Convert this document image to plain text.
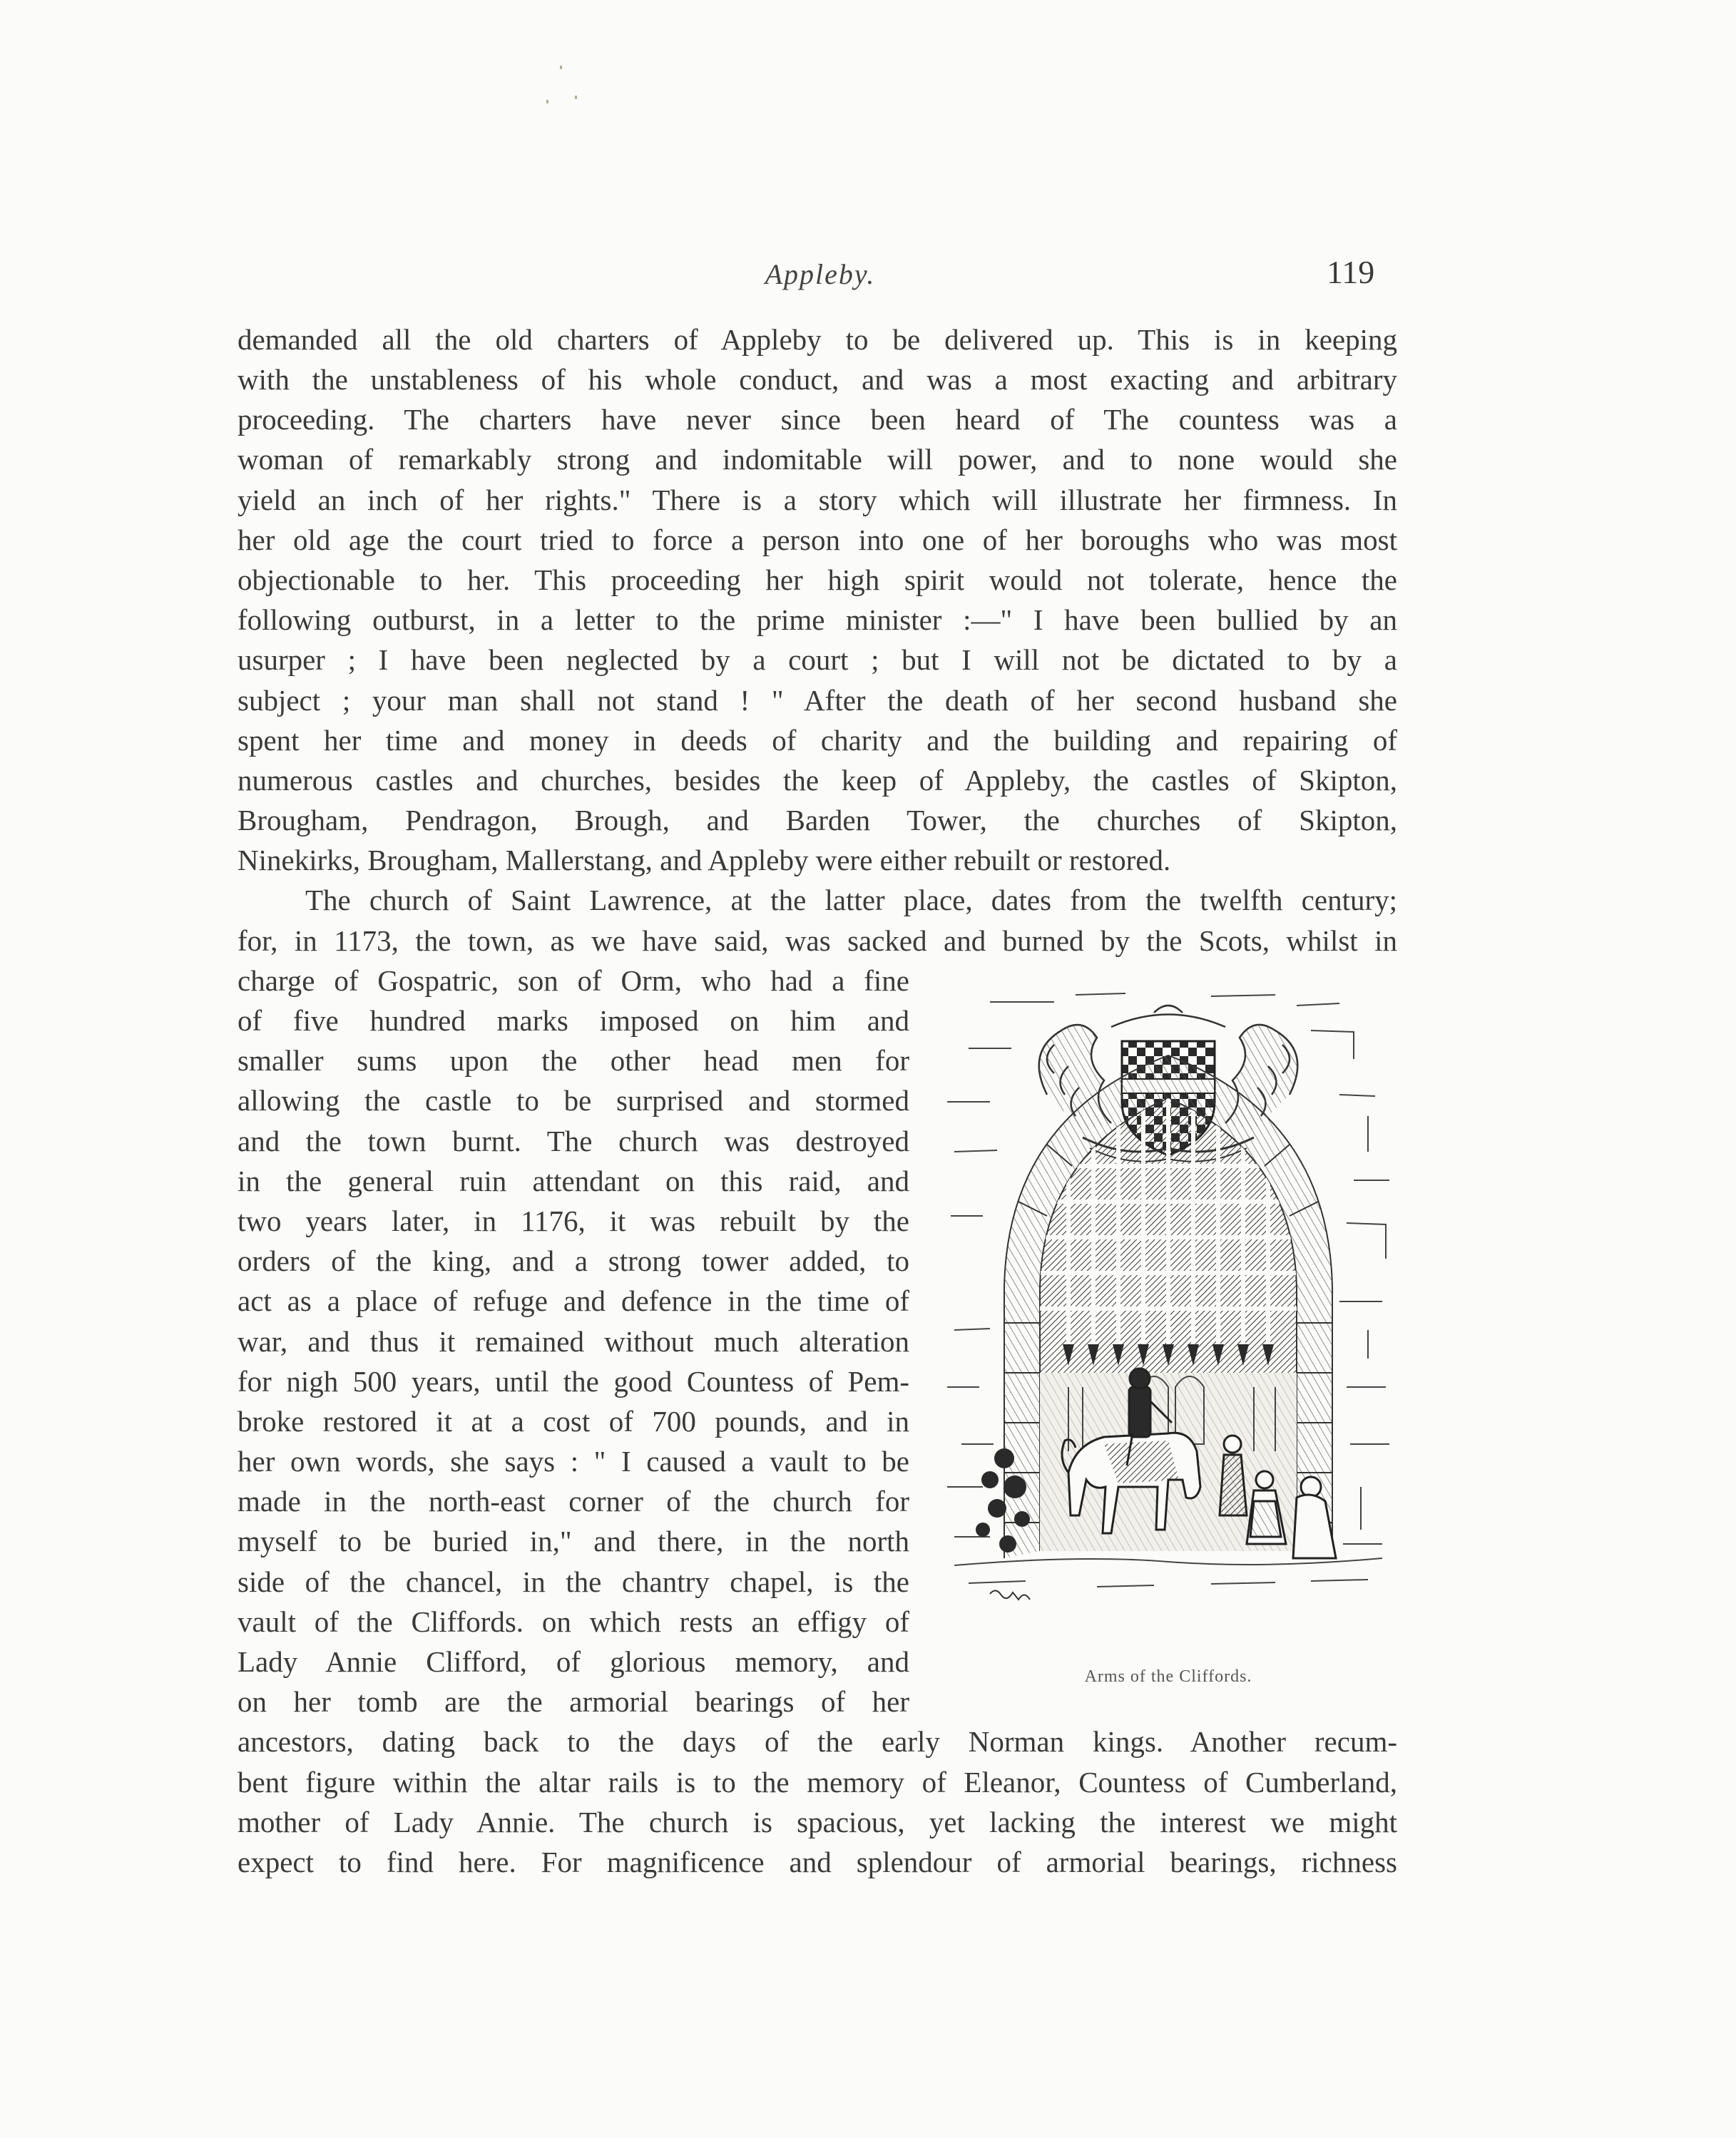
Appleby.	119
demanded all the old charters of Appleby to be delivered up. This is in keeping
with the unstableness of his whole conduct, and was a most exacting and arbitrary
proceeding. The charters have never since been heard of The countess was a
woman of remarkably strong and indomitable will power, and to none would she
yield an inch of her rights." There is a story which will illustrate her firmness. In
her old age the court tried to force a person into one of her boroughs who was most
objectionable to her. This proceeding her high spirit would not tolerate, hence the
following outburst, in a letter to the prime minister :—" I have been bullied by an
usurper ; I have been neglected by a court ; but I will not be dictated to by a
subject ; your man shall not stand ! " After the death of her second husband she
spent her time and money in deeds of charity and the building and repairing of
numerous castles and churches, besides the keep of Appleby, the castles of Skipton,
Brougham, Pendragon, Brough, and Barden Tower, the churches of Skipton,
Ninekirks, Brougham, Mallerstang, and Appleby were either rebuilt or restored.
The church of Saint Lawrence, at the latter place, dates from the twelfth century;
for, in 1173, the town, as we have said, was sacked and burned by the Scots, whilst in
charge of Gospatric, son of Orm, who had a fine
of five hundred marks imposed on him and
smaller sums upon the other head men for
allowing the castle to be surprised and stormed
and the town burnt. The church was destroyed
in the general ruin attendant on this raid, and
two years later, in 1176, it was rebuilt by the
orders of the king, and a strong tower added, to
act as a place of refuge and defence in the time of
war, and thus it remained without much alteration
for nigh 500 years, until the good Countess of Pem-
broke restored it at a cost of 700 pounds, and in
her own words, she says : " I caused a vault to be
made in the north-east corner of the church for
myself to be buried in," and there, in the north
side of the chancel, in the chantry chapel, is the
vault of the Cliffords. on which rests an effigy of
Lady Annie Clifford, of glorious memory, and
on her tomb are the armorial bearings of her
ancestors, dating back to the days of the early Norman kings. Another recum-
bent figure within the altar rails is to the memory of Eleanor, Countess of Cumberland,
mother of Lady Annie. The church is spacious, yet lacking the interest we might
expect to find here. For magnificence and splendour of armorial bearings, richness
Arms of the Cliffords.
